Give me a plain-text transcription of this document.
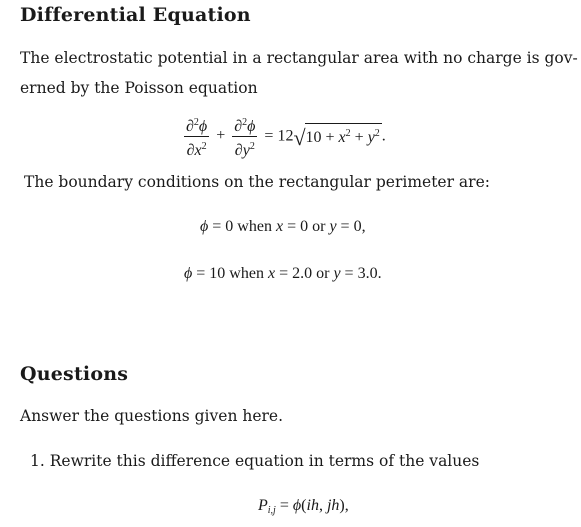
Differential Equation
The electrostatic potential in a rectangular area with no charge is gov-
erned by the Poisson equation
$\frac{\partial^2\phi}{\partial x^2} + \frac{\partial^2\phi}{\partial y^2} = 12√10 + x^2 + y^2$ .
The boundary conditions on the rectangular perimeter are:
ϕ = 0 when x = 0 or y = 0,
ϕ = 10 when x = 2.0 or y = 3.0.
Questions
Answer the questions given here.
1. Rewrite this difference equation in terms of the values
$P_{i,j} = \phi(ih$, jh),
